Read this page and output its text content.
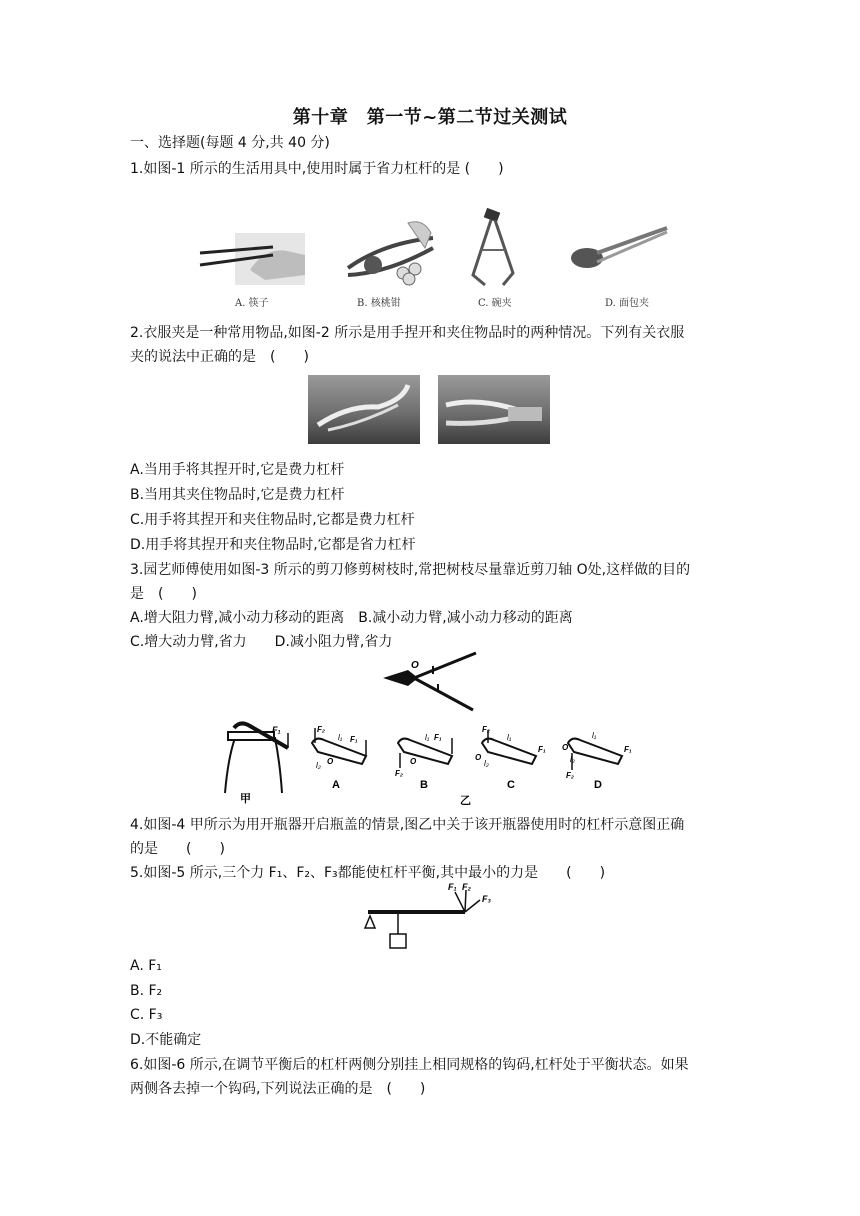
第十章　第一节~第二节过关测试
一、选择题(每题 4 分,共 40 分)
1.如图-1 所示的生活用具中,使用时属于省力杠杆的是 (　　)
A. 筷子	B. 核桃钳	C. 碗夹	D. 面包夹
2.衣服夹是一种常用物品,如图-2 所示是用手捏开和夹住物品时的两种情况。下列有关衣服
夹的说法中正确的是　(　　)
A.当用手将其捏开时,它是费力杠杆
B.当用其夹住物品时,它是费力杠杆
C.用手将其捏开和夹住物品时,它都是费力杠杆
D.用手将其捏开和夹住物品时,它都是省力杠杆
3.园艺师傅使用如图-3 所示的剪刀修剪树枝时,常把树枝尽量靠近剪刀轴 O处,这样做的目的
是　(　　)
A.增大阻力臂,减小动力移动的距离　B.减小动力臂,减小动力移动的距离
C.增大动力臂,省力　　D.减小阻力臂,省力
O
F₁
甲
F₂
F₁
l₁
l₂ O
A
F₂
F₁
l₁
O
B
F₂
l₁
F₁
O
l₂
C
F₂
l₁
F₁
O
l₂
D
乙
4.如图-4 甲所示为用开瓶器开启瓶盖的情景,图乙中关于该开瓶器使用时的杠杆示意图正确
的是　　(　　)
5.如图-5 所示,三个力 F₁、F₂、F₃都能使杠杆平衡,其中最小的力是　　(　　)
F₁ F₂
F₃
A. F₁
B. F₂
C. F₃
D.不能确定
6.如图-6 所示,在调节平衡后的杠杆两侧分别挂上相同规格的钩码,杠杆处于平衡状态。如果
两侧各去掉一个钩码,下列说法正确的是　(　　)
